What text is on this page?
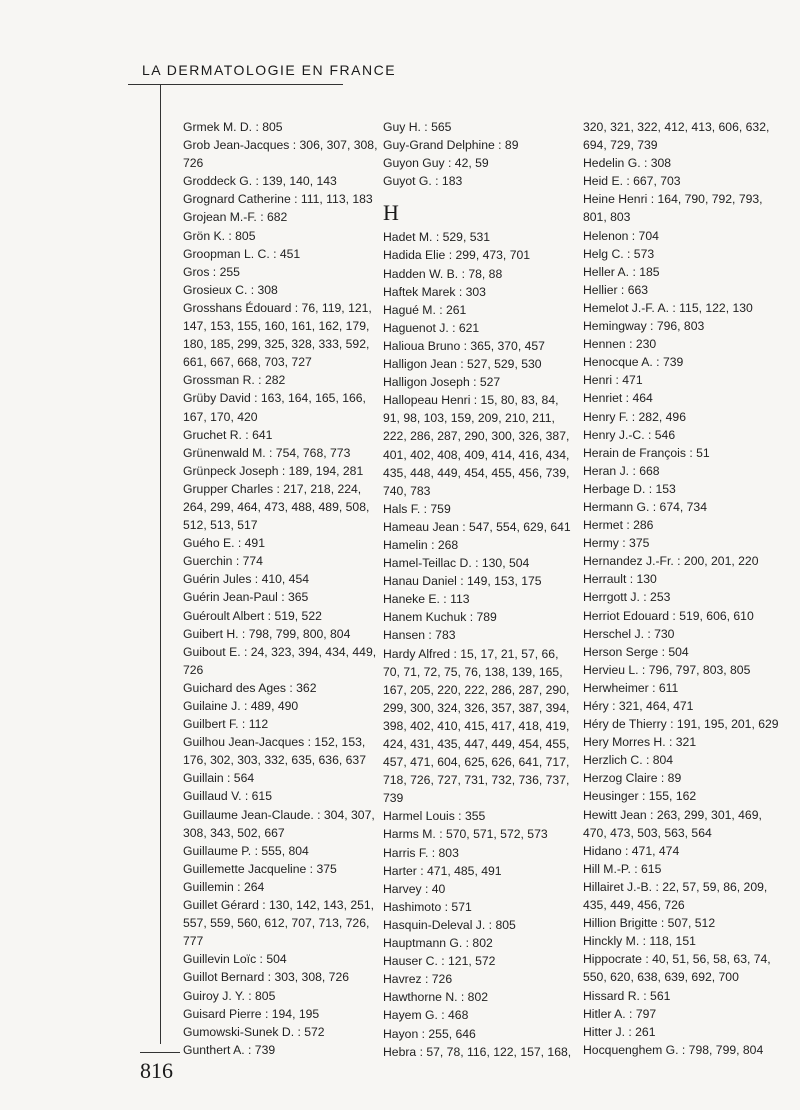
LA DERMATOLOGIE EN FRANCE
Grmek M. D. : 805
Grob Jean-Jacques : 306, 307, 308, 726
Groddeck G. : 139, 140, 143
Grognard Catherine : 111, 113, 183
Grojean M.-F. : 682
Grön K. : 805
Groopman L. C. : 451
Gros : 255
Grosieux C. : 308
Grosshans Édouard : 76, 119, 121, 147, 153, 155, 160, 161, 162, 179, 180, 185, 299, 325, 328, 333, 592, 661, 667, 668, 703, 727
Grossman R. : 282
Grüby David : 163, 164, 165, 166, 167, 170, 420
Gruchet R. : 641
Grünenwald M. : 754, 768, 773
Grünpeck Joseph : 189, 194, 281
Grupper Charles : 217, 218, 224, 264, 299, 464, 473, 488, 489, 508, 512, 513, 517
Guého E. : 491
Guerchin : 774
Guérin Jules : 410, 454
Guérin Jean-Paul : 365
Guéroult Albert : 519, 522
Guibert H. : 798, 799, 800, 804
Guibout E. : 24, 323, 394, 434, 449, 726
Guichard des Ages : 362
Guilaine J. : 489, 490
Guilbert F. : 112
Guilhou Jean-Jacques : 152, 153, 176, 302, 303, 332, 635, 636, 637
Guillain : 564
Guillaud V. : 615
Guillaume Jean-Claude. : 304, 307, 308, 343, 502, 667
Guillaume P. : 555, 804
Guillemette Jacqueline : 375
Guillemin : 264
Guillet Gérard : 130, 142, 143, 251, 557, 559, 560, 612, 707, 713, 726, 777
Guillevin Loïc : 504
Guillot Bernard : 303, 308, 726
Guiroy J. Y. : 805
Guisard Pierre : 194, 195
Gumowski-Sunek D. : 572
Gunthert A. : 739
Guy H. : 565
Guy-Grand Delphine : 89
Guyon Guy : 42, 59
Guyot G. : 183
H
Hadet M. : 529, 531
Hadida Elie : 299, 473, 701
Hadden W. B. : 78, 88
Haftek Marek : 303
Hagué M. : 261
Haguenot J. : 621
Halioua Bruno : 365, 370, 457
Halligon Jean : 527, 529, 530
Halligon Joseph : 527
Hallopeau Henri : 15, 80, 83, 84, 91, 98, 103, 159, 209, 210, 211, 222, 286, 287, 290, 300, 326, 387, 401, 402, 408, 409, 414, 416, 434, 435, 448, 449, 454, 455, 456, 739, 740, 783
Hals F. : 759
Hameau Jean : 547, 554, 629, 641
Hamelin : 268
Hamel-Teillac D. : 130, 504
Hanau Daniel : 149, 153, 175
Haneke E. : 113
Hanem Kuchuk : 789
Hansen : 783
Hardy Alfred : 15, 17, 21, 57, 66, 70, 71, 72, 75, 76, 138, 139, 165, 167, 205, 220, 222, 286, 287, 290, 299, 300, 324, 326, 357, 387, 394, 398, 402, 410, 415, 417, 418, 419, 424, 431, 435, 447, 449, 454, 455, 457, 471, 604, 625, 626, 641, 717, 718, 726, 727, 731, 732, 736, 737, 739
Harmel Louis : 355
Harms M. : 570, 571, 572, 573
Harris F. : 803
Harter : 471, 485, 491
Harvey : 40
Hashimoto : 571
Hasquin-Deleval J. : 805
Hauptmann G. : 802
Hauser C. : 121, 572
Havrez : 726
Hawthorne N. : 802
Hayem G. : 468
Hayon : 255, 646
Hebra : 57, 78, 116, 122, 157, 168,
320, 321, 322, 412, 413, 606, 632, 694, 729, 739
Hedelin G. : 308
Heid E. : 667, 703
Heine Henri : 164, 790, 792, 793, 801, 803
Helenon : 704
Helg C. : 573
Heller A. : 185
Hellier : 663
Hemelot J.-F. A. : 115, 122, 130
Hemingway : 796, 803
Hennen : 230
Henocque A. : 739
Henri : 471
Henriet : 464
Henry F. : 282, 496
Henry J.-C. : 546
Herain de François : 51
Heran J. : 668
Herbage D. : 153
Hermann G. : 674, 734
Hermet : 286
Hermy : 375
Hernandez J.-Fr. : 200, 201, 220
Herrault : 130
Herrgott J. : 253
Herriot Edouard : 519, 606, 610
Herschel J. : 730
Herson Serge : 504
Hervieu L. : 796, 797, 803, 805
Herwheimer : 611
Héry : 321, 464, 471
Héry de Thierry : 191, 195, 201, 629
Hery Morres H. : 321
Herzlich C. : 804
Herzog Claire : 89
Heusinger : 155, 162
Hewitt Jean : 263, 299, 301, 469, 470, 473, 503, 563, 564
Hidano : 471, 474
Hill M.-P. : 615
Hillairet J.-B. : 22, 57, 59, 86, 209, 435, 449, 456, 726
Hillion Brigitte : 507, 512
Hinckly M. : 118, 151
Hippocrate : 40, 51, 56, 58, 63, 74, 550, 620, 638, 639, 692, 700
Hissard R. : 561
Hitler A. : 797
Hitter J. : 261
Hocquenghem G. : 798, 799, 804
816
